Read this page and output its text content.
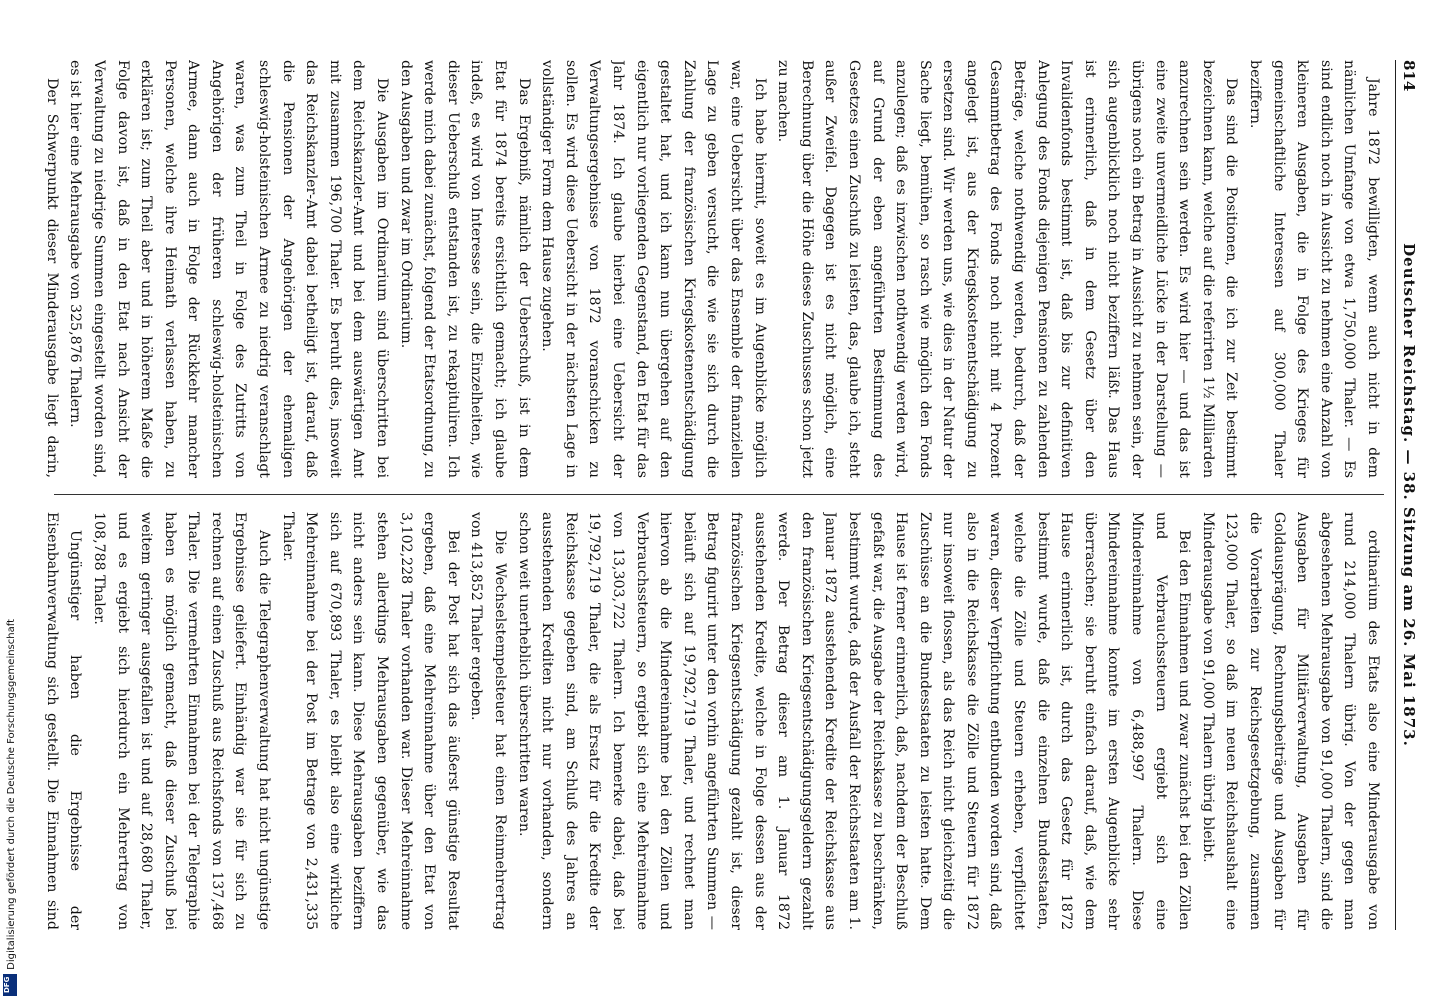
814
Deutscher Reichstag. — 38. Sitzung am 26. Mai 1873.

Jahre 1872 bewilligten, wenn auch nicht in dem nämlichen Umfange von etwa 1,750,000 Thaler. — Es sind endlich noch in Aussicht zu nehmen eine Anzahl von kleineren Ausgaben, die in Folge des Krieges für gemeinschaftliche Interessen auf 300,000 Thaler beziffern.

Das sind die Positionen, die ich zur Zeit bestimmt bezeichnen kann, welche auf die referirten 1½ Milliarden anzurechnen sein werden. Es wird hier — und das ist eine zweite unvermeidliche Lücke in der Darstellung — übrigens noch ein Betrag in Aussicht zu nehmen sein, der sich augenblicklich noch nicht beziffern läßt. Das Haus ist erinnerlich, daß in dem Gesetz über den Invalidenfonds bestimmt ist, daß bis zur definitiven Anlegung des Fonds diejenigen Pensionen zu zahlenden Beträge, welche nothwendig werden, bedurch, daß der Gesammtbetrag des Fonds noch nicht mit 4 Prozent angelegt ist, aus der Kriegskostenentschädigung zu ersetzen sind. Wir werden uns, wie dies in der Natur der Sache liegt, bemühen, so rasch wie möglich den Fonds anzulegen; daß es inzwischen nothwendig werden wird, auf Grund der eben angeführten Bestimmung des Gesetzes einen Zuschuß zu leisten, das, glaube ich, steht außer Zweifel. Dagegen ist es nicht möglich, eine Berechnung über die Höhe dieses Zuschusses schon jetzt zu machen.

Ich habe hiermit, soweit es im Augenblicke möglich war, eine Uebersicht über das Ensemble der finanziellen Lage zu geben versucht, die wie sie sich durch die Zahlung der französischen Kriegskostenentschädigung gestaltet hat, und ich kann nun übergehen auf den eigentlich nur vorliegenden Gegenstand, den Etat für das Jahr 1874. Ich glaube hierbei eine Uebersicht der Verwaltungsergebnisse von 1872 voranschicken zu sollen. Es wird diese Uebersicht in der nächsten Lage in vollständiger Form dem Hause zugehen.

Das Ergebniß, nämlich der Ueberschuß, ist in dem Etat für 1874 bereits ersichtlich gemacht; ich glaube indeß, es wird von Interesse sein, die Einzelheiten, wie dieser Ueberschuß entstanden ist, zu rekapituliren. Ich werde mich dabei zunächst, folgend der Etatsordnung, zu den Ausgaben und zwar im Ordinarium.

Die Ausgaben im Ordinarium sind überschritten bei dem Reichskanzler-Amt und bei dem auswärtigen Amt mit zusammen 196,700 Thaler. Es beruht dies, insoweit das Reichskanzler-Amt dabei betheiligt ist, darauf, daß die Pensionen der Angehörigen der ehemaligen schleswig-holsteinischen Armee zu niedrig veranschlagt waren, was zum Theil in Folge des Zutritts von Angehörigen der früheren schleswig-holsteinischen Armee, dann auch in Folge der Rückkehr mancher Personen, welche ihre Heimath verlassen haben, zu erklären ist; zum Theil aber und in höherem Maße die Folge davon ist, daß in den Etat nach Ansicht der Verwaltung zu niedrige Summen eingestellt worden sind, es ist hier eine Mehrausgabe von 325,876 Thalern.

Der Schwerpunkt dieser Minderausgabe liegt darin,

ordinarium des Etats also eine Minderausgabe von rund 214,000 Thalern übrig. Von der gegen man abgesehenen Mehrausgabe von 91,000 Thalern, sind die Ausgaben für Militärverwaltung, Ausgaben für Goldausprägung, Rechnungsbeiträge und Ausgaben für die Vorarbeiten zur Reichsgesetzgebung, zusammen 123,000 Thaler, so daß im neuen Reichshaushalt eine Minderausgabe von 91,000 Thalern übrig bleibt.

Bei den Einnahmen und zwar zunächst bei den Zöllen und Verbrauchssteuern ergiebt sich eine Mindereinnahme von 6,488,997 Thalern. Diese Mindereinnahme konnte im ersten Augenblicke sehr überraschen; sie beruht einfach darauf, daß, wie dem Hause erinnerlich ist, durch das Gesetz für 1872 bestimmt wurde, daß die einzelnen Bundesstaaten, welche die Zölle und Steuern erheben, verpflichtet waren, dieser Verpflichtung entbunden worden sind, daß also in die Reichskasse die Zölle und Steuern für 1872 nur insoweit flossen, als das Reich nicht gleichzeitig die Zuschüsse an die Bundesstaaten zu leisten hatte. Dem Hause ist ferner erinnerlich, daß, nachdem der Beschluß gefaßt war, die Ausgabe der Reichskasse zu beschränken, bestimmt wurde, daß der Ausfall der Reichsstaaten am 1. Januar 1872 ausstehenden Kredite der Reichskasse aus den französischen Kriegsentschädigungsgeldern gezahlt werde. Der Betrag dieser am 1. Januar 1872 ausstehenden Kredite, welche in Folge dessen aus der französischen Kriegsentschädigung gezahlt ist, dieser Betrag figurirt unter den vorhin angeführten Summen — beläuft sich auf 19,792,719 Thaler, und rechnet man hiervon ab die Mindereinnahme bei den Zöllen und Verbrauchssteuern, so ergiebt sich eine Mehreinnahme von 13,303,722 Thalern. Ich bemerke dabei, daß bei 19,792,719 Thaler, die als Ersatz für die Kredite der Reichskasse gegeben sind, am Schluß des Jahres an ausstehenden Krediten nicht nur vorhanden, sondern schon weit unerheblich überschritten waren.

Die Wechselstempelsteuer hat einen Reinmehrertrag von 413,852 Thaler ergeben.

Bei der Post hat sich das äußerst günstige Resultat ergeben, daß eine Mehreinnahme über den Etat von 3,102,228 Thaler vorhanden war. Dieser Mehreinnahme stehen allerdings Mehrausgaben gegenüber, wie das nicht anders sein kann. Diese Mehrausgaben beziffern sich auf 670,893 Thaler, es bleibt also eine wirkliche Mehreinnahme bei der Post im Betrage von 2,431,335 Thaler.

Auch die Telegraphenverwaltung hat nicht ungünstige Ergebnisse geliefert. Einhändig war sie für sich zu rechnen auf einen Zuschuß aus Reichsfonds von 137,468 Thaler. Die vermehrten Einnahmen bei der Telegraphie haben es möglich gemacht, daß dieser Zuschuß bei weitem geringer ausgefallen ist und auf 28,680 Thaler, und es ergiebt sich hierdurch ein Mehrertrag von 108,788 Thaler.

Ungünstiger haben die Ergebnisse der Eisenbahnverwaltung sich gestellt. Die Einnahmen sind

Digitalisierung gefördert durch die Deutsche Forschungsgemeinschaft
DFG
